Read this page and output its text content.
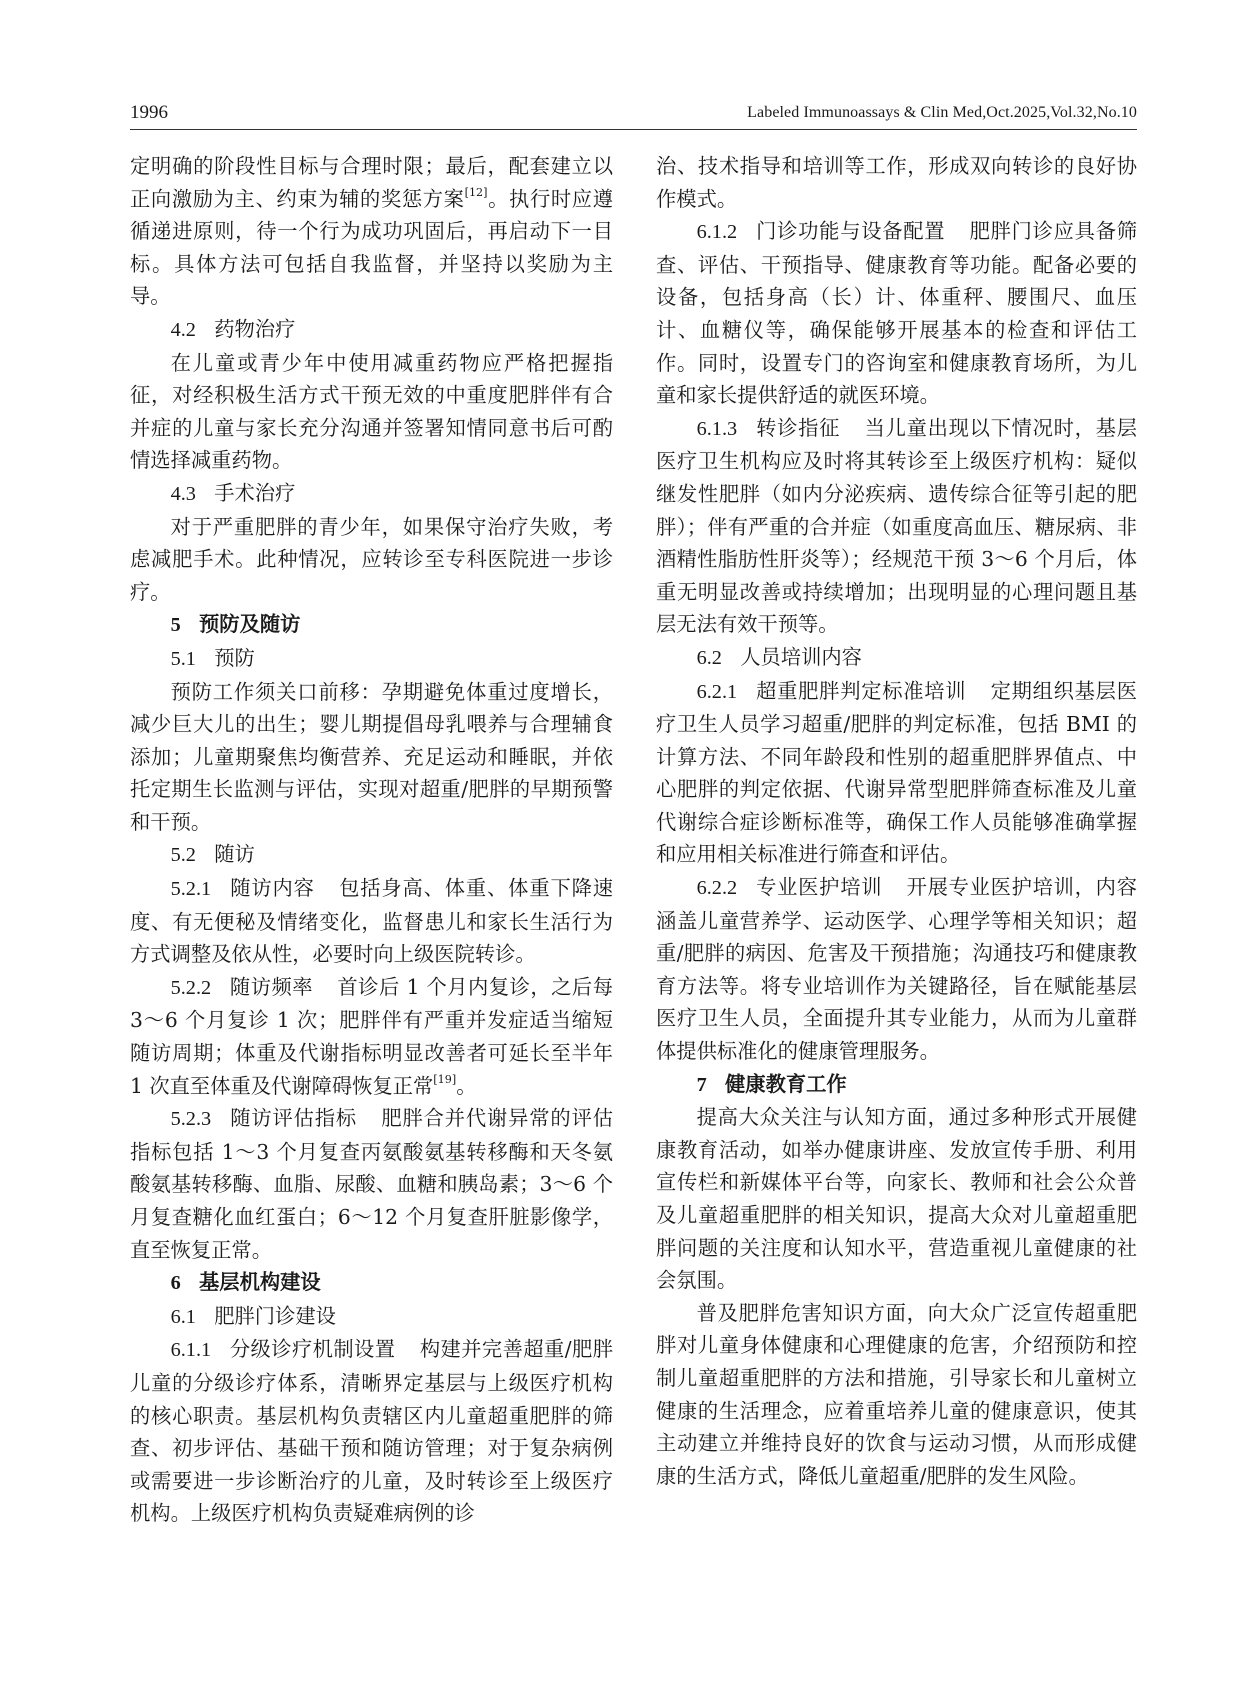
1996	Labeled Immunoassays & Clin Med,Oct.2025,Vol.32,No.10

定明确的阶段性目标与合理时限；最后，配套建立以正向激励为主、约束为辅的奖惩方案[12]。执行时应遵循递进原则，待一个行为成功巩固后，再启动下一目标。具体方法可包括自我监督，并坚持以奖励为主导。

4.2 药物治疗

在儿童或青少年中使用减重药物应严格把握指征，对经积极生活方式干预无效的中重度肥胖伴有合并症的儿童与家长充分沟通并签署知情同意书后可酌情选择减重药物。

4.3 手术治疗

对于严重肥胖的青少年，如果保守治疗失败，考虑减肥手术。此种情况，应转诊至专科医院进一步诊疗。

5 预防及随访
5.1 预防

预防工作须关口前移：孕期避免体重过度增长，减少巨大儿的出生；婴儿期提倡母乳喂养与合理辅食添加；儿童期聚焦均衡营养、充足运动和睡眠，并依托定期生长监测与评估，实现对超重/肥胖的早期预警和干预。

5.2 随访

5.2.1 随访内容 包括身高、体重、体重下降速度、有无便秘及情绪变化，监督患儿和家长生活行为方式调整及依从性，必要时向上级医院转诊。

5.2.2 随访频率 首诊后 1 个月内复诊，之后每 3～6 个月复诊 1 次；肥胖伴有严重并发症适当缩短随访周期；体重及代谢指标明显改善者可延长至半年 1 次直至体重及代谢障碍恢复正常[19]。

5.2.3 随访评估指标 肥胖合并代谢异常的评估指标包括 1～3 个月复查丙氨酸氨基转移酶和天冬氨酸氨基转移酶、血脂、尿酸、血糖和胰岛素；3～6 个月复查糖化血红蛋白；6～12 个月复查肝脏影像学，直至恢复正常。

6 基层机构建设
6.1 肥胖门诊建设

6.1.1 分级诊疗机制设置 构建并完善超重/肥胖儿童的分级诊疗体系，清晰界定基层与上级医疗机构的核心职责。基层机构负责辖区内儿童超重肥胖的筛查、初步评估、基础干预和随访管理；对于复杂病例或需要进一步诊断治疗的儿童，及时转诊至上级医疗机构。上级医疗机构负责疑难病例的诊

治、技术指导和培训等工作，形成双向转诊的良好协作模式。

6.1.2 门诊功能与设备配置 肥胖门诊应具备筛查、评估、干预指导、健康教育等功能。配备必要的设备，包括身高（长）计、体重秤、腰围尺、血压计、血糖仪等，确保能够开展基本的检查和评估工作。同时，设置专门的咨询室和健康教育场所，为儿童和家长提供舒适的就医环境。

6.1.3 转诊指征 当儿童出现以下情况时，基层医疗卫生机构应及时将其转诊至上级医疗机构：疑似继发性肥胖（如内分泌疾病、遗传综合征等引起的肥胖）；伴有严重的合并症（如重度高血压、糖尿病、非酒精性脂肪性肝炎等）；经规范干预 3～6 个月后，体重无明显改善或持续增加；出现明显的心理问题且基层无法有效干预等。

6.2 人员培训内容

6.2.1 超重肥胖判定标准培训 定期组织基层医疗卫生人员学习超重/肥胖的判定标准，包括 BMI 的计算方法、不同年龄段和性别的超重肥胖界值点、中心肥胖的判定依据、代谢异常型肥胖筛查标准及儿童代谢综合症诊断标准等，确保工作人员能够准确掌握和应用相关标准进行筛查和评估。

6.2.2 专业医护培训 开展专业医护培训，内容涵盖儿童营养学、运动医学、心理学等相关知识；超重/肥胖的病因、危害及干预措施；沟通技巧和健康教育方法等。将专业培训作为关键路径，旨在赋能基层医疗卫生人员，全面提升其专业能力，从而为儿童群体提供标准化的健康管理服务。

7 健康教育工作

提高大众关注与认知方面，通过多种形式开展健康教育活动，如举办健康讲座、发放宣传手册、利用宣传栏和新媒体平台等，向家长、教师和社会公众普及儿童超重肥胖的相关知识，提高大众对儿童超重肥胖问题的关注度和认知水平，营造重视儿童健康的社会氛围。

普及肥胖危害知识方面，向大众广泛宣传超重肥胖对儿童身体健康和心理健康的危害，介绍预防和控制儿童超重肥胖的方法和措施，引导家长和儿童树立健康的生活理念，应着重培养儿童的健康意识，使其主动建立并维持良好的饮食与运动习惯，从而形成健康的生活方式，降低儿童超重/肥胖的发生风险。
